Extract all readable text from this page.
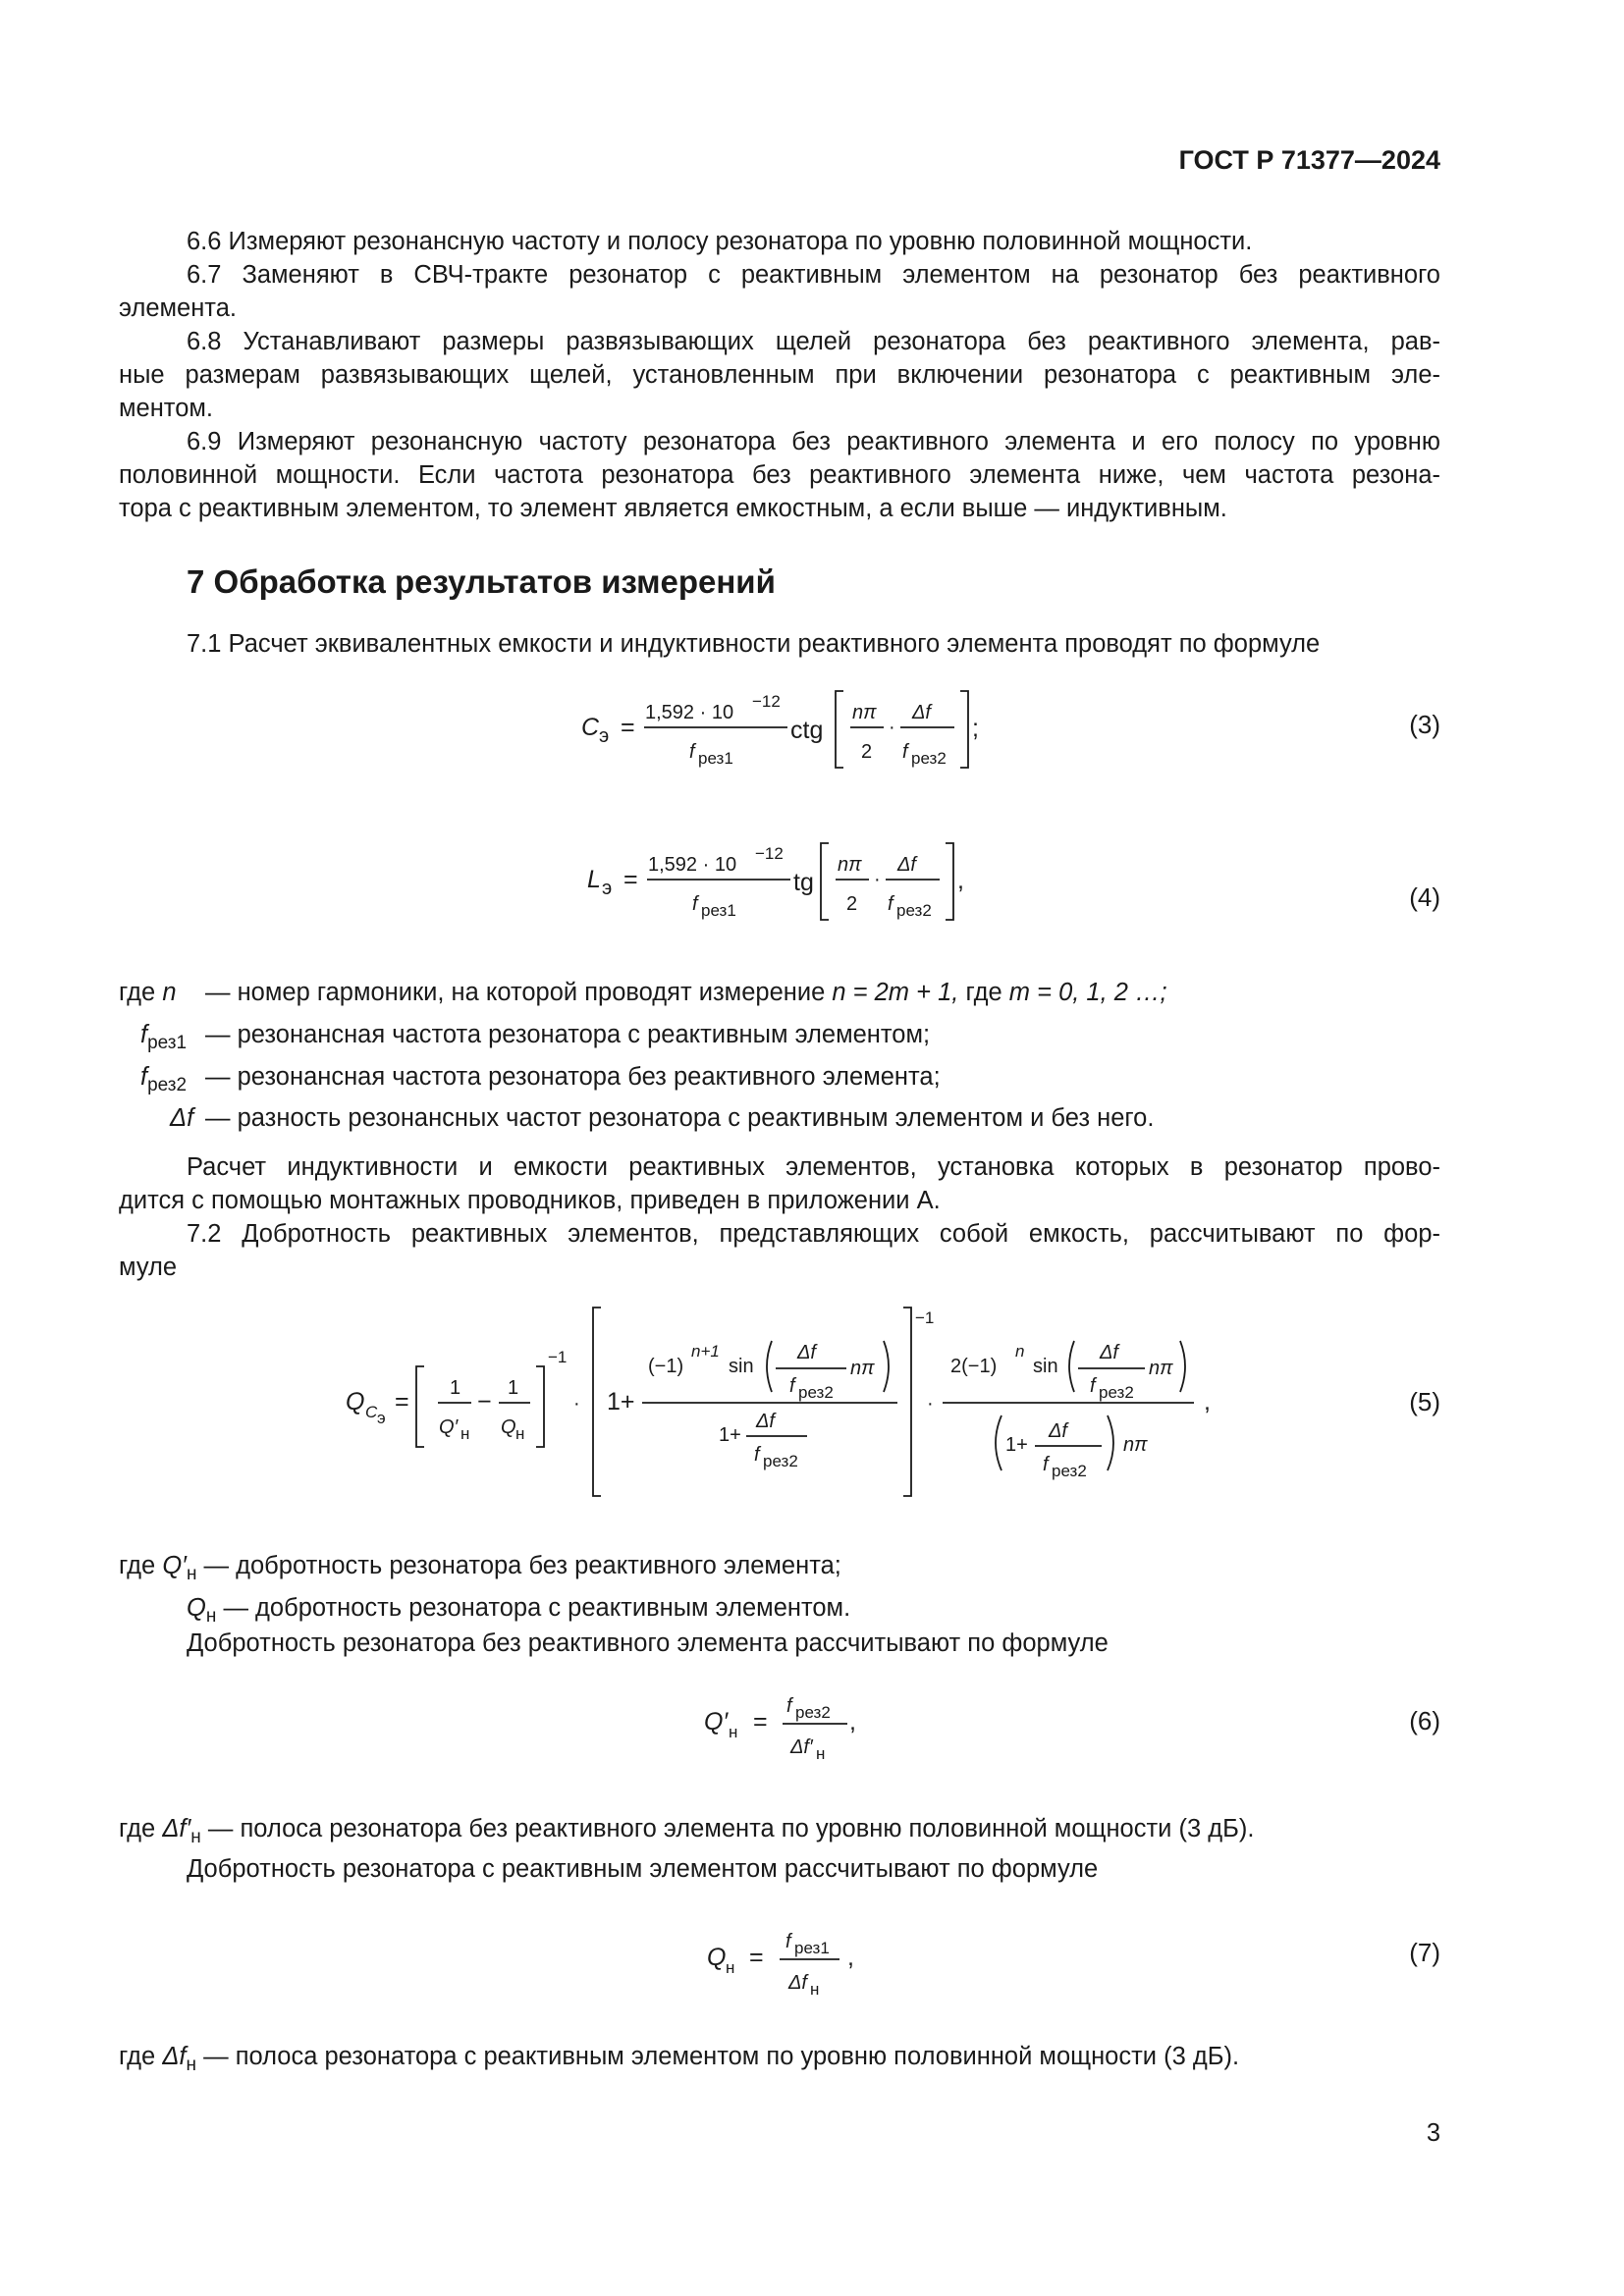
ГОСТ Р 71377—2024
6.6 Измеряют резонансную частоту и полосу резонатора по уровню половинной мощности.
6.7 Заменяют в СВЧ-тракте резонатор с реактивным элементом на резонатор без реактивного
элемента.
6.8 Устанавливают размеры развязывающих щелей резонатора без реактивного элемента, рав-
ные размерам развязывающих щелей, установленным при включении резонатора с реактивным эле-
ментом.
6.9 Измеряют резонансную частоту резонатора без реактивного элемента и его полосу по уровню
половинной мощности. Если частота резонатора без реактивного элемента ниже, чем частота резона-
тора с реактивным элементом, то элемент является емкостным, а если выше — индуктивным.
7 Обработка результатов измерений
7.1 Расчет эквивалентных емкости и индуктивности реактивного элемента проводят по формуле
C э =
1,592 · 10
−12
f рез1
ctg
nπ
2
·
Δf
f рез2
;	(3)
L э =
1,592 · 10
−12
f рез1
tg
nπ
2
·
Δf
f рез2
,
(4)
где n — номер гармоники, на которой проводят измерение n = 2m + 1, где m = 0, 1, 2 …;
$f_{рез1}$ — резонансная частота резонатора с реактивным элементом;
$f_{рез2}$ — резонансная частота резонатора без реактивного элемента;
Δf — разность резонансных частот резонатора с реактивным элементом и без него.
Расчет индуктивности и емкости реактивных элементов, установка которых в резонатор прово-
дится с помощью монтажных проводников, приведен в приложении А.
7.2 Добротность реактивных элементов, представляющих собой емкость, рассчитывают по фор-
муле
Q C э
= 1
Q′ н
− 1
Q н
−1
· 1+
(−1)
n+1
sin
Δf
f рез2
nπ
1+
Δf
f рез2
−1
·
2(−1)
n
sin
Δf
f рез2
nπ
1+
Δf
f рез2
nπ
,	(5)
где $Q'_н$ — добротность резонатора без реактивного элемента;
$Q_н$ — добротность резонатора с реактивным элементом.
Добротность резонатора без реактивного элемента рассчитывают по формуле
Q′ н =
f рез2
Δf′ н
,	(6)
где $\Delta f'_н$ — полоса резонатора без реактивного элемента по уровню половинной мощности (3 дБ).
Добротность резонатора с реактивным элементом рассчитывают по формуле
Q н =
f рез1
Δf н
,	(7)
где $\Delta f_н$ — полоса резонатора с реактивным элементом по уровню половинной мощности (3 дБ).
3
